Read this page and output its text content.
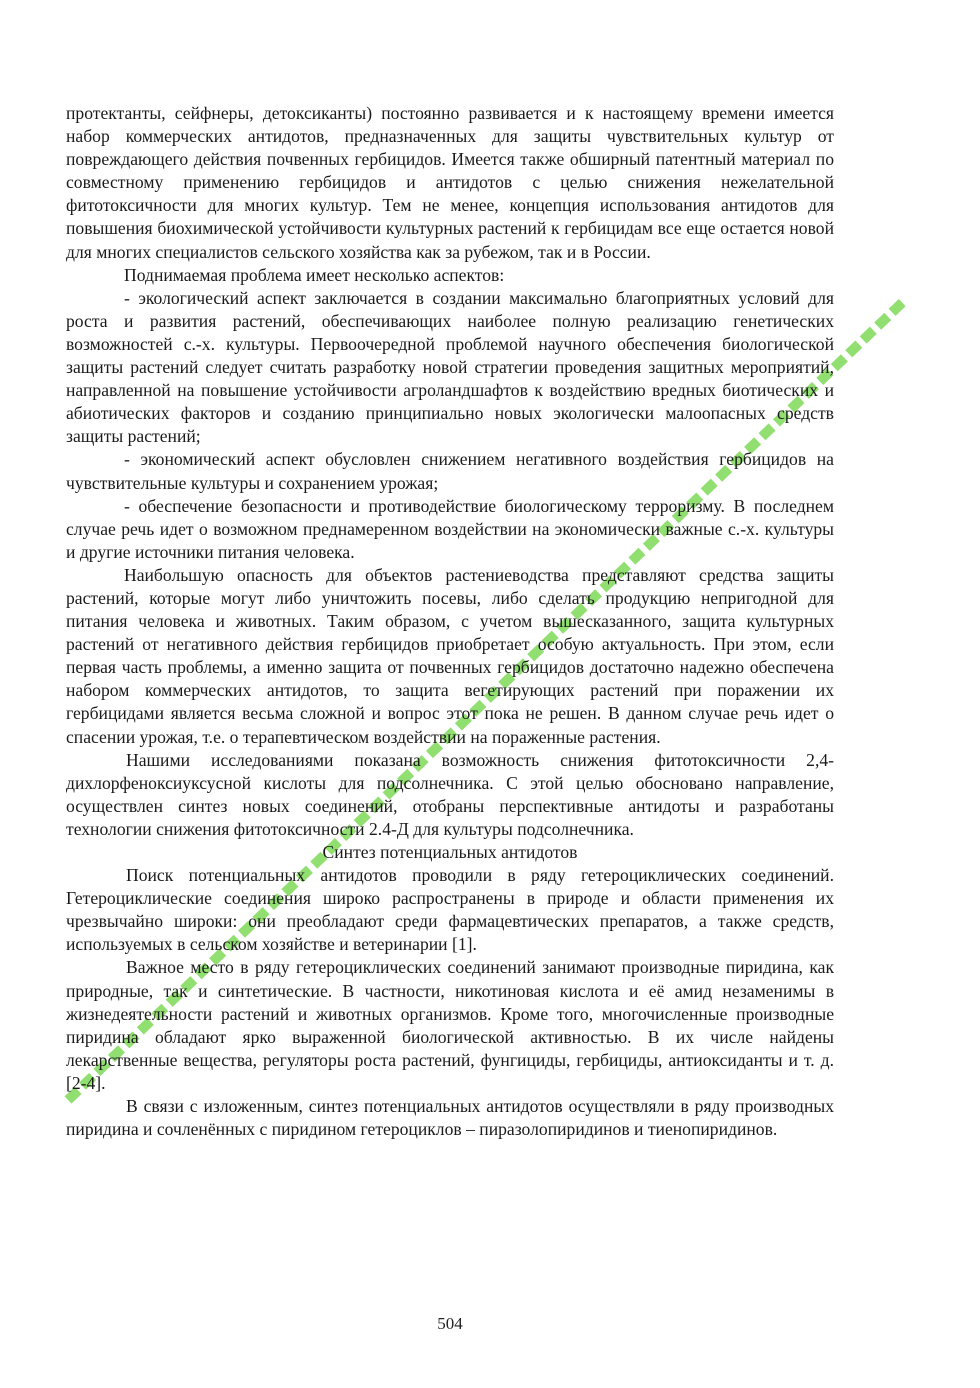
протектанты, сейфнеры, детоксиканты) постоянно развивается и к настоящему времени имеется набор коммерческих антидотов, предназначенных для защиты чувствительных культур от повреждающего действия почвенных гербицидов. Имеется также обширный патентный материал по совместному применению гербицидов и антидотов с целью снижения нежелательной фитотоксичности для многих культур. Тем не менее, концепция использования антидотов для повышения биохимической устойчивости культурных растений к гербицидам все еще остается новой для многих специалистов сельского хозяйства как за рубежом, так и в России.

Поднимаемая проблема имеет несколько аспектов:

- экологический аспект заключается в создании максимально благоприятных условий для роста и развития растений, обеспечивающих наиболее полную реализацию генетических возможностей с.-х. культуры. Первоочередной проблемой научного обеспечения биологической защиты растений следует считать разработку новой стратегии проведения защитных мероприятий, направленной на повышение устойчивости агроландшафтов к воздействию вредных биотических и абиотических факторов и созданию принципиально новых экологически малоопасных средств защиты растений;

- экономический аспект обусловлен снижением негативного воздействия гербицидов на чувствительные культуры и сохранением урожая;

- обеспечение безопасности и противодействие биологическому терроризму. В последнем случае речь идет о возможном преднамеренном воздействии на экономически важные с.-х. культуры и другие источники питания человека.

Наибольшую опасность для объектов растениеводства представляют средства защиты растений, которые могут либо уничтожить посевы, либо сделать продукцию непригодной для питания человека и животных. Таким образом, с учетом вышесказанного, защита культурных растений от негативного действия гербицидов приобретает особую актуальность. При этом, если первая часть проблемы, а именно защита от почвенных гербицидов достаточно надежно обеспечена набором коммерческих антидотов, то защита вегетирующих растений при поражении их гербицидами является весьма сложной и вопрос этот пока не решен. В данном случае речь идет о спасении урожая, т.е. о терапевтическом воздействии на пораженные растения.

Нашими исследованиями показана возможность снижения фитотоксичности 2,4-дихлорфеноксиуксусной кислоты для подсолнечника. С этой целью обосновано направление, осуществлен синтез новых соединений, отобраны перспективные антидоты и разработаны технологии снижения фитотоксичности 2.4-Д для культуры подсолнечника.

Синтез потенциальных антидотов

Поиск потенциальных антидотов проводили в ряду гетероциклических соединений. Гетероциклические соединения широко распространены в природе и области применения их чрезвычайно широки: они преобладают среди фармацевтических препаратов, а также средств, используемых в сельском хозяйстве и ветеринарии [1].

Важное место в ряду гетероциклических соединений занимают производные пиридина, как природные, так и синтетические. В частности, никотиновая кислота и её амид незаменимы в жизнедеятельности растений и животных организмов. Кроме того, многочисленные производные пиридина обладают ярко выраженной биологической активностью. В их числе найдены лекарственные вещества, регуляторы роста растений, фунгициды, гербициды, антиоксиданты и т. д. [2-4].

В связи с изложенным, синтез потенциальных антидотов осуществляли в ряду производных пиридина и сочленённых с пиридином гетероциклов – пиразолопиридинов и тиенопиридинов.

504
